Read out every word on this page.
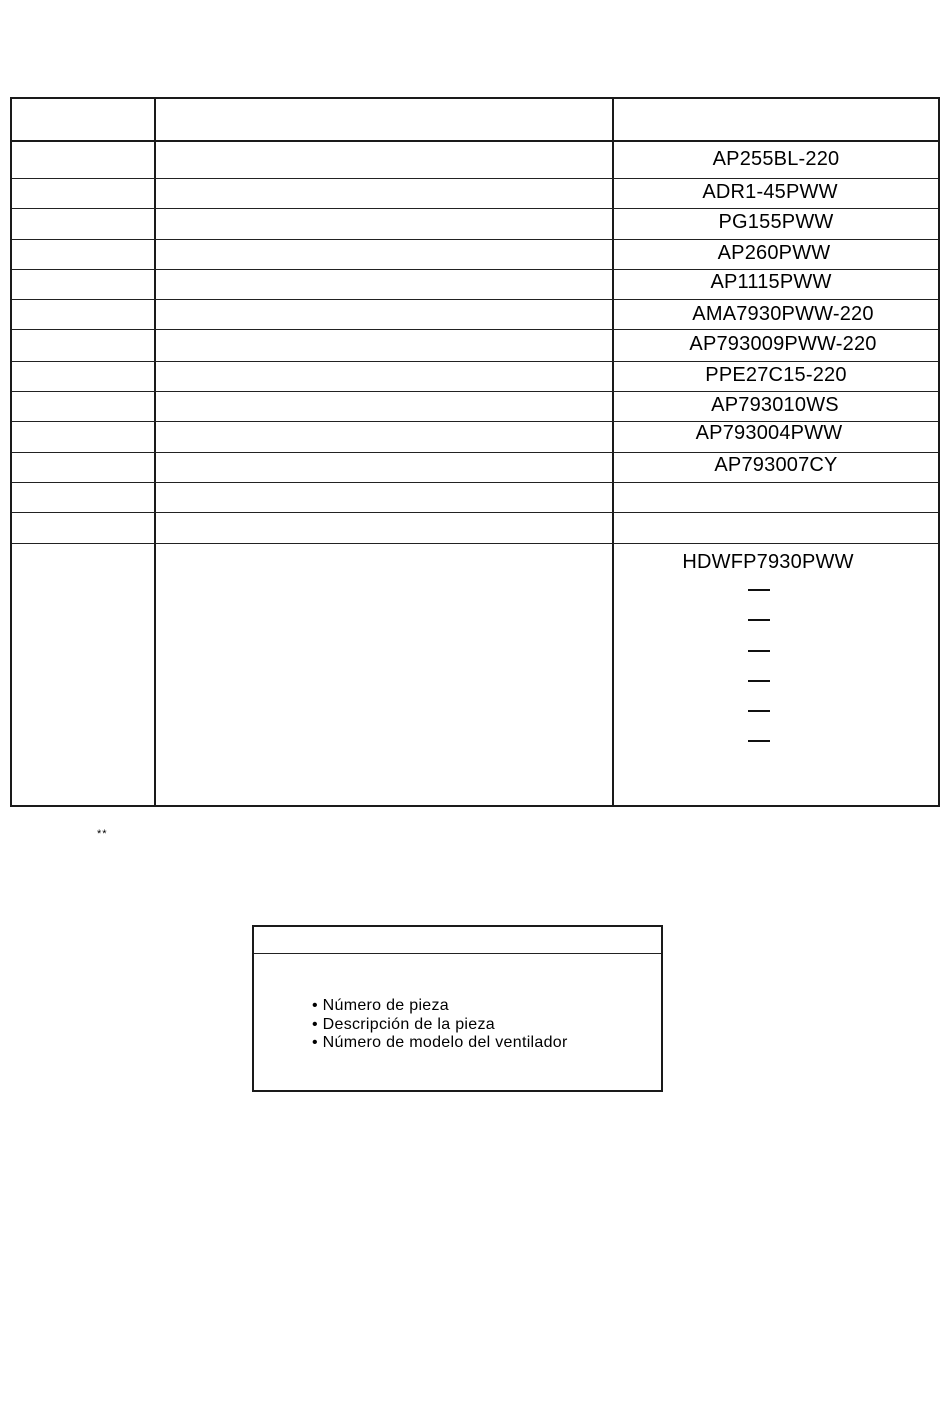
AP255BL-220
ADR1-45PWW
PG155PWW
AP260PWW
AP1115PWW
AMA7930PWW-220
AP793009PWW-220
PPE27C15-220
AP793010WS
AP793004PWW
AP793007CY
HDWFP7930PWW
**
• Número de pieza
• Descripción de la pieza
• Número de modelo del ventilador
